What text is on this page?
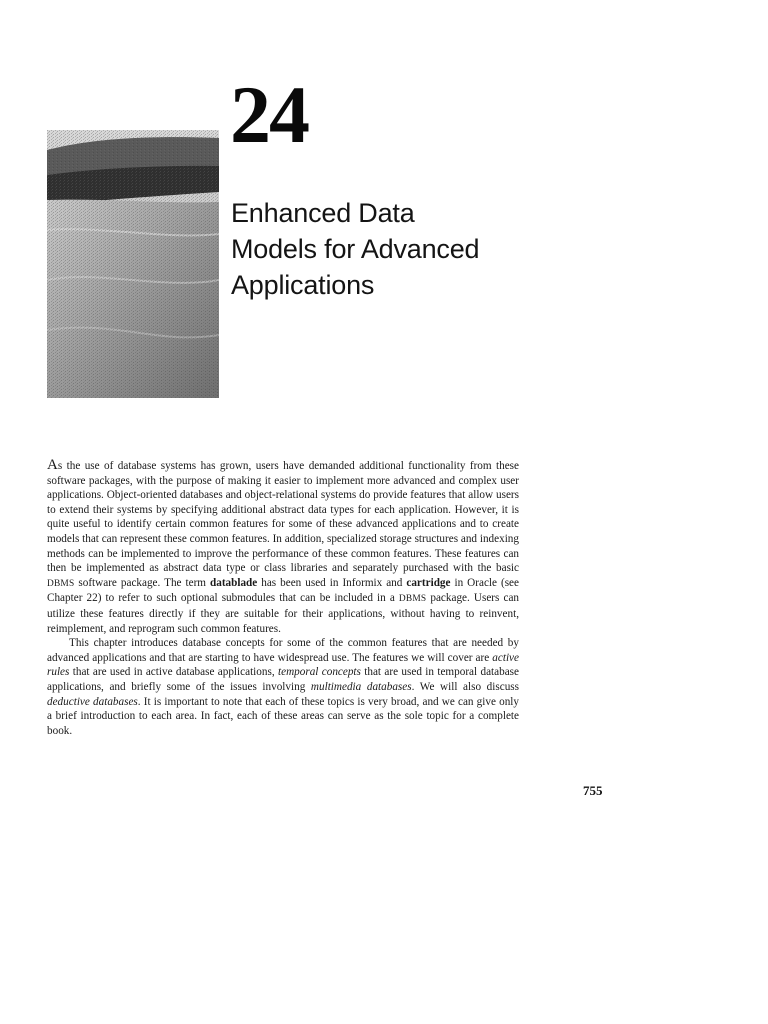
24
Enhanced Data
Models for Advanced
Applications

As the use of database systems has grown, users have demanded additional functionality from these software packages, with the purpose of making it easier to implement more advanced and complex user applications. Object-oriented databases and object-relational systems do provide features that allow users to extend their systems by specifying additional abstract data types for each application. However, it is quite useful to identify certain common features for some of these advanced applications and to create models that can represent these common features. In addition, specialized storage structures and indexing methods can be implemented to improve the performance of these common features. These features can then be implemented as abstract data type or class libraries and separately purchased with the basic DBMS software package. The term datablade has been used in Informix and cartridge in Oracle (see Chapter 22) to refer to such optional submodules that can be included in a DBMS package. Users can utilize these features directly if they are suitable for their applications, without having to reinvent, reimplement, and reprogram such common features.

This chapter introduces database concepts for some of the common features that are needed by advanced applications and that are starting to have widespread use. The features we will cover are active rules that are used in active database applications, temporal concepts that are used in temporal database applications, and briefly some of the issues involving multimedia databases. We will also discuss deductive databases. It is important to note that each of these topics is very broad, and we can give only a brief introduction to each area. In fact, each of these areas can serve as the sole topic for a complete book.

755
